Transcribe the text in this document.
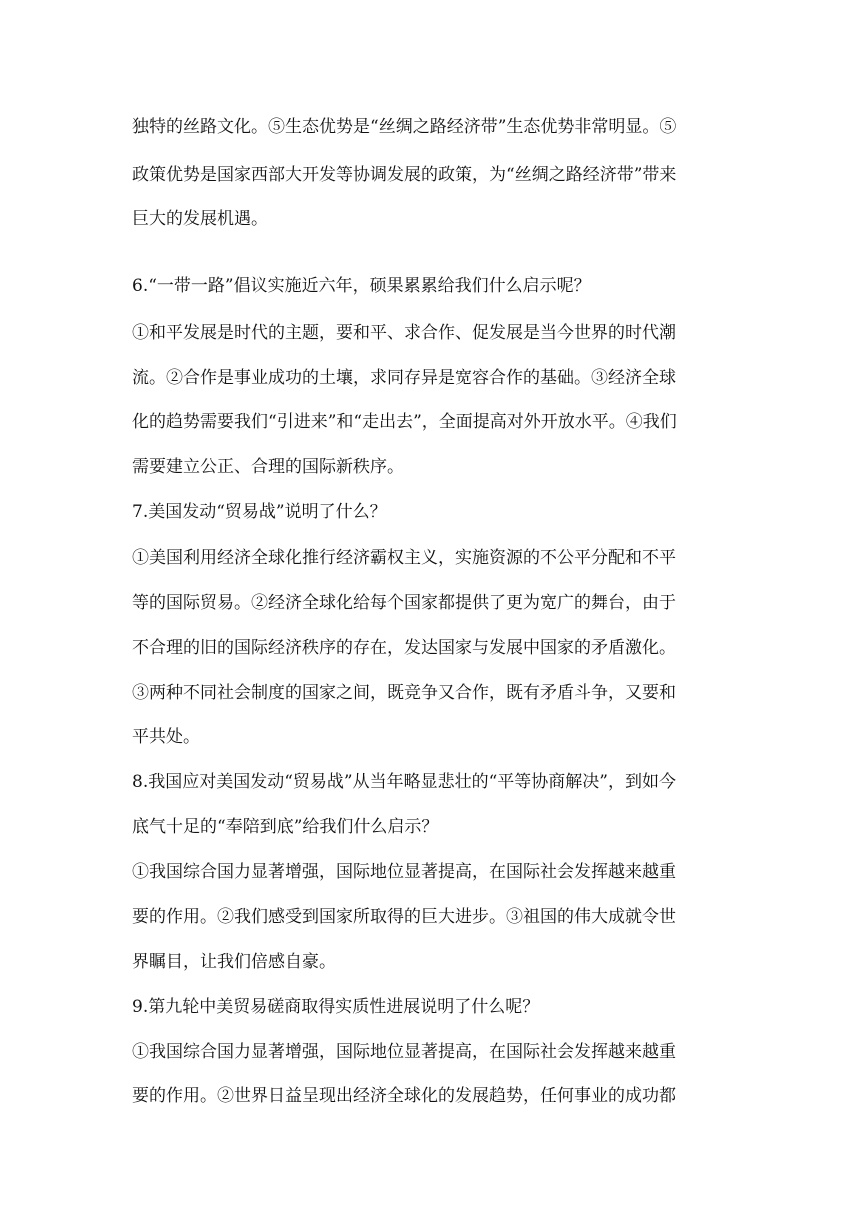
独特的丝路文化。⑤生态优势是“丝绸之路经济带”生态优势非常明显。⑤
政策优势是国家西部大开发等协调发展的政策，为“丝绸之路经济带”带来
巨大的发展机遇。
6.“一带一路”倡议实施近六年，硕果累累给我们什么启示呢？
①和平发展是时代的主题，要和平、求合作、促发展是当今世界的时代潮
流。②合作是事业成功的土壤，求同存异是宽容合作的基础。③经济全球
化的趋势需要我们“引进来”和“走出去”，全面提高对外开放水平。④我们
需要建立公正、合理的国际新秩序。
7.美国发动“贸易战”说明了什么？
①美国利用经济全球化推行经济霸权主义，实施资源的不公平分配和不平
等的国际贸易。②经济全球化给每个国家都提供了更为宽广的舞台，由于
不合理的旧的国际经济秩序的存在，发达国家与发展中国家的矛盾激化。
③两种不同社会制度的国家之间，既竞争又合作，既有矛盾斗争，又要和
平共处。
8.我国应对美国发动“贸易战”从当年略显悲壮的“平等协商解决”，到如今
底气十足的“奉陪到底”给我们什么启示？
①我国综合国力显著增强，国际地位显著提高，在国际社会发挥越来越重
要的作用。②我们感受到国家所取得的巨大进步。③祖国的伟大成就令世
界瞩目，让我们倍感自豪。
9.第九轮中美贸易磋商取得实质性进展说明了什么呢？
①我国综合国力显著增强，国际地位显著提高，在国际社会发挥越来越重
要的作用。②世界日益呈现出经济全球化的发展趋势，任何事业的成功都
